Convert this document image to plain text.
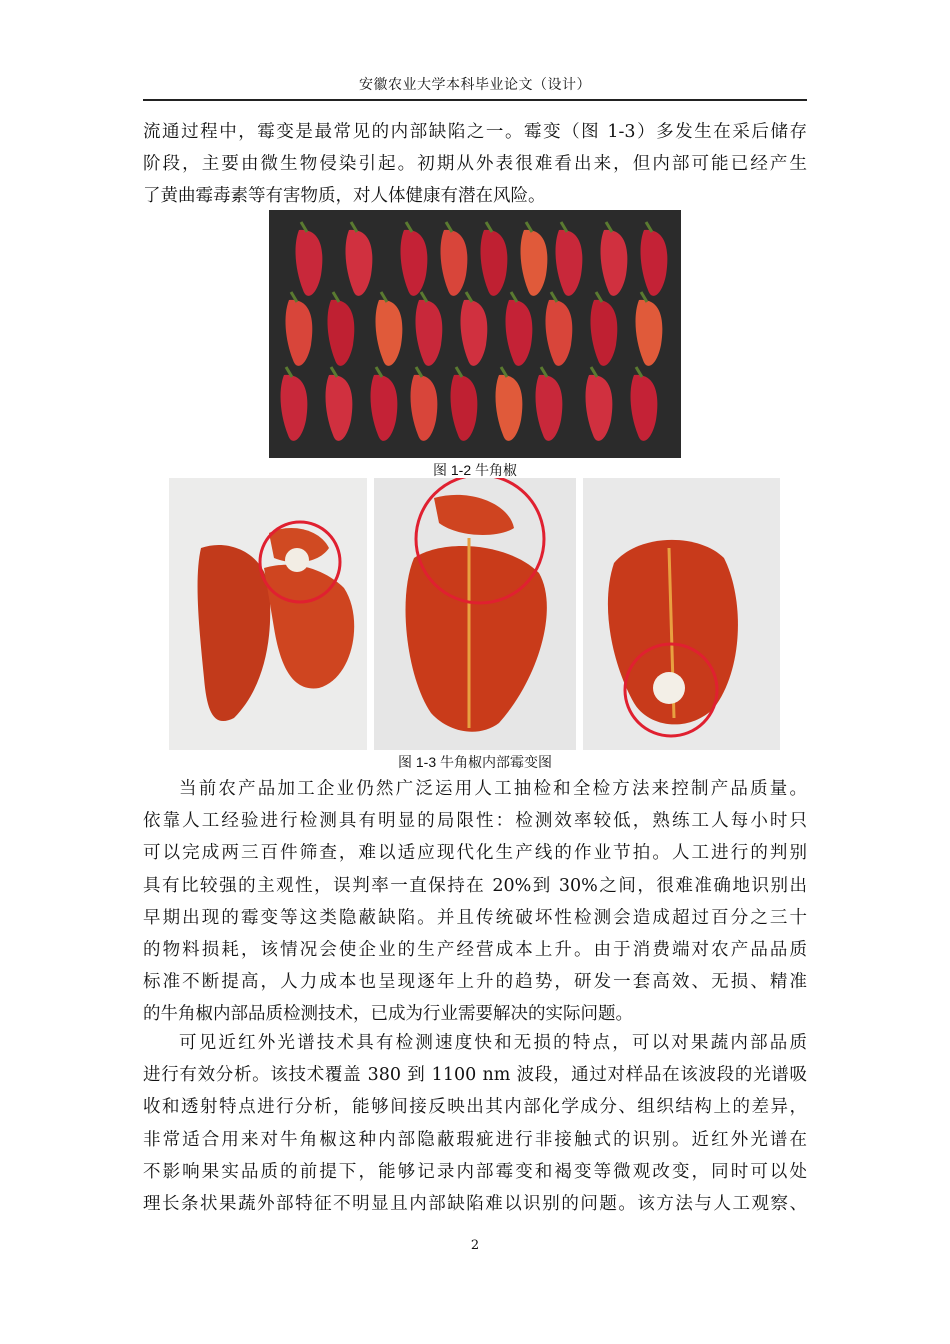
安徽农业大学本科毕业论文（设计）
流通过程中，霉变是最常见的内部缺陷之一。霉变（图 1-3）多发生在采后储存
阶段，主要由微生物侵染引起。初期从外表很难看出来，但内部可能已经产生
了黄曲霉毒素等有害物质，对人体健康有潜在风险。
图 1-2 牛角椒
图 1-3 牛角椒内部霉变图
当前农产品加工企业仍然广泛运用人工抽检和全检方法来控制产品质量。
依靠人工经验进行检测具有明显的局限性：检测效率较低，熟练工人每小时只
可以完成两三百件筛查，难以适应现代化生产线的作业节拍。人工进行的判别
具有比较强的主观性，误判率一直保持在 20%到 30%之间，很难准确地识别出
早期出现的霉变等这类隐蔽缺陷。并且传统破坏性检测会造成超过百分之三十
的物料损耗，该情况会使企业的生产经营成本上升。由于消费端对农产品品质
标准不断提高，人力成本也呈现逐年上升的趋势，研发一套高效、无损、精准
的牛角椒内部品质检测技术，已成为行业需要解决的实际问题。
可见近红外光谱技术具有检测速度快和无损的特点，可以对果蔬内部品质
进行有效分析。该技术覆盖 380 到 1100 nm 波段，通过对样品在该波段的光谱吸
收和透射特点进行分析，能够间接反映出其内部化学成分、组织结构上的差异，
非常适合用来对牛角椒这种内部隐蔽瑕疵进行非接触式的识别。近红外光谱在
不影响果实品质的前提下，能够记录内部霉变和褐变等微观改变，同时可以处
理长条状果蔬外部特征不明显且内部缺陷难以识别的问题。该方法与人工观察、
2
